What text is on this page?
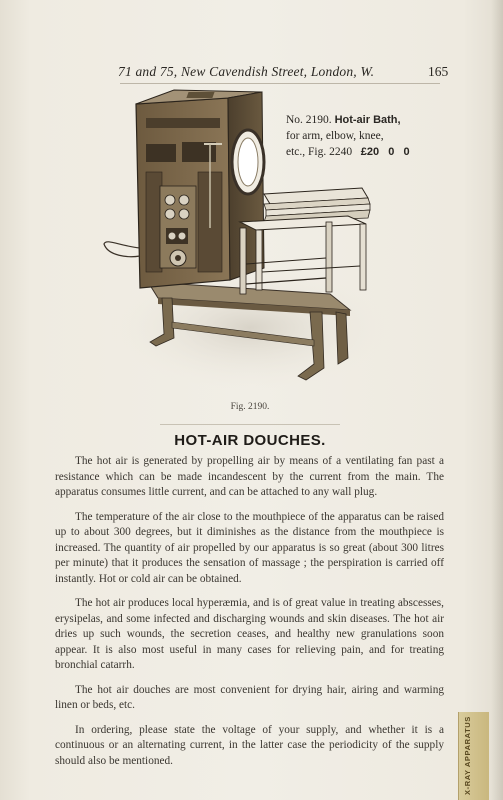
71 and 75, New Cavendish Street, London, W.	165
No. 2190. Hot-air Bath,
for arm, elbow, knee,
etc., Fig. 2240 £20   0   0
Fig. 2190.
HOT-AIR DOUCHES.

The hot air is generated by propelling air by means of a ventilating fan past a resistance which can be made incandescent by the current from the main. The apparatus consumes little current, and can be attached to any wall plug.

The temperature of the air close to the mouthpiece of the apparatus can be raised up to about 300 degrees, but it diminishes as the distance from the mouthpiece is increased. The quantity of air propelled by our apparatus is so great (about 300 litres per minute) that it produces the sensation of massage ; the perspiration is carried off instantly. Hot or cold air can be obtained.

The hot air produces local hyperæmia, and is of great value in treating abscesses, erysipelas, and some infected and discharging wounds and skin diseases. The hot air dries up such wounds, the secretion ceases, and healthy new granulations soon appear. It is also most useful in many cases for relieving pain, and for treating bronchial catarrh.

The hot air douches are most convenient for drying hair, airing and warming linen or beds, etc.

In ordering, please state the voltage of your supply, and whether it is a continuous or an alternating current, in the latter case the periodicity of the supply should also be mentioned.	X-RAY APPARATUS
